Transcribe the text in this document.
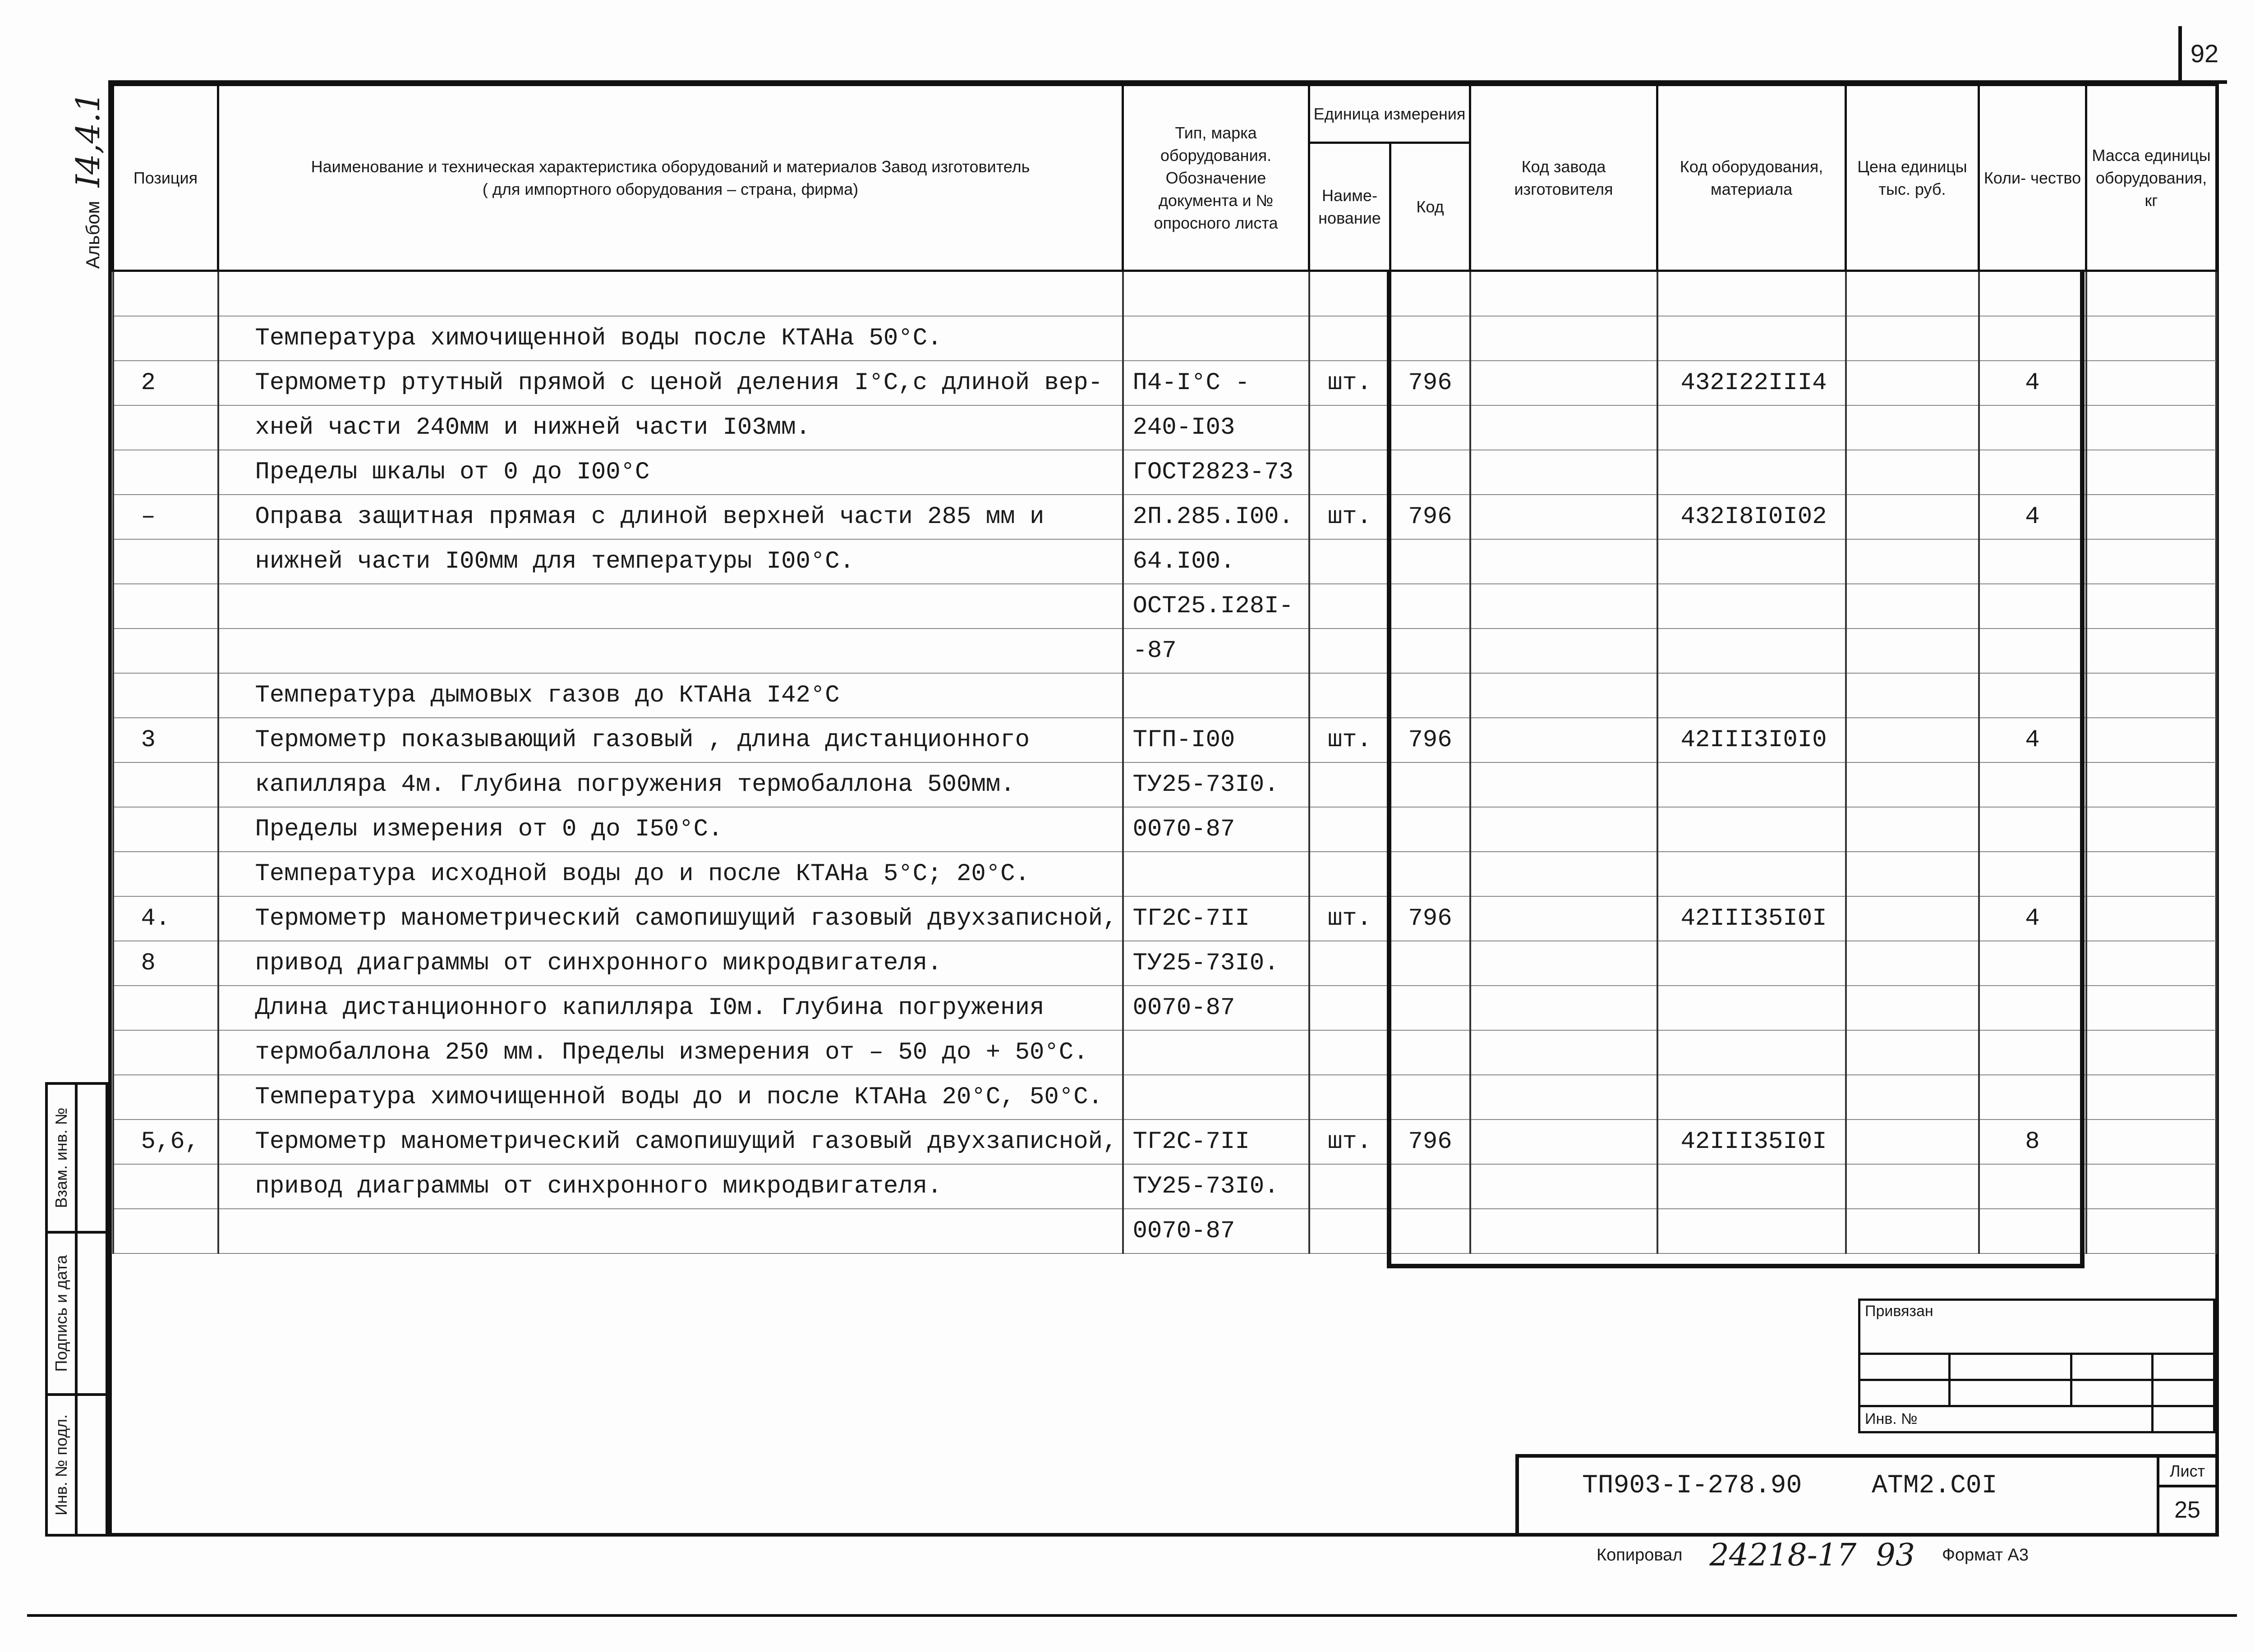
92
АльбомI4,4.1 Позиция	Наименование и техническая характеристика оборудований и материалов Завод изготовитель ( для импортного оборудования – страна, фирма)	Тип, марка оборудования. Обозначение документа и № опросного листа	Единица измерения		Код завода изготовителя	Код оборудования, материала	Цена единицы тыс. руб.	Коли- чество	Масса единицы оборудования, кг
			Наиме- нование	Код					

	Температура химочищенной воды после КТАНа 50°С.								
2	Термометр ртутный прямой с ценой деления I°С,с длиной вер-	П4-I°С -	шт.	796		432I22III4		4	
	хней части 240мм и нижней части I03мм.	240-I03							
	Пределы шкалы от 0 до I00°С	ГОСТ2823-73							
–	Оправа защитная прямая с длиной верхней части 285 мм и	2П.285.I00.	шт.	796		432I8I0I02		4	
	нижней части I00мм для температуры I00°С.	64.I00.							
		ОСТ25.I28I-							
		-87							
	Температура дымовых газов до КТАНа I42°С								
3	Термометр показывающий газовый , длина дистанционного	ТГП-I00	шт.	796		42III3I0I0		4	
	капилляра 4м. Глубина погружения термобаллона 500мм.	ТУ25-73I0.							
	Пределы измерения от 0 до I50°С.	0070-87							
	Температура исходной воды до и после КТАНа 5°С; 20°С.								
4.	Термометр манометрический самопишущий газовый двухзаписной,	ТГ2С-7II	шт.	796		42III35I0I		4	
8	привод диаграммы от синхронного микродвигателя.	ТУ25-73I0.							
	Длина дистанционного капилляра I0м. Глубина погружения	0070-87							
	термобаллона 250 мм. Пределы измерения от – 50 до + 50°С.								
	Температура химочищенной воды до и после КТАНа 20°С, 50°С.								
5,6,	Термометр манометрический самопишущий газовый двухзаписной,	ТГ2С-7II	шт.	796		42III35I0I		8	
	привод диаграммы от синхронного микродвигателя.	ТУ25-73I0.							
		0070-87							
Взам. инв. №
Подпись и дата
Инв. № подл.
Привязан			

Инв. №			
ТП903-I-278.90	АТМ2.С0I
Лист
25
Копировал 24218-17 93 Формат А3
